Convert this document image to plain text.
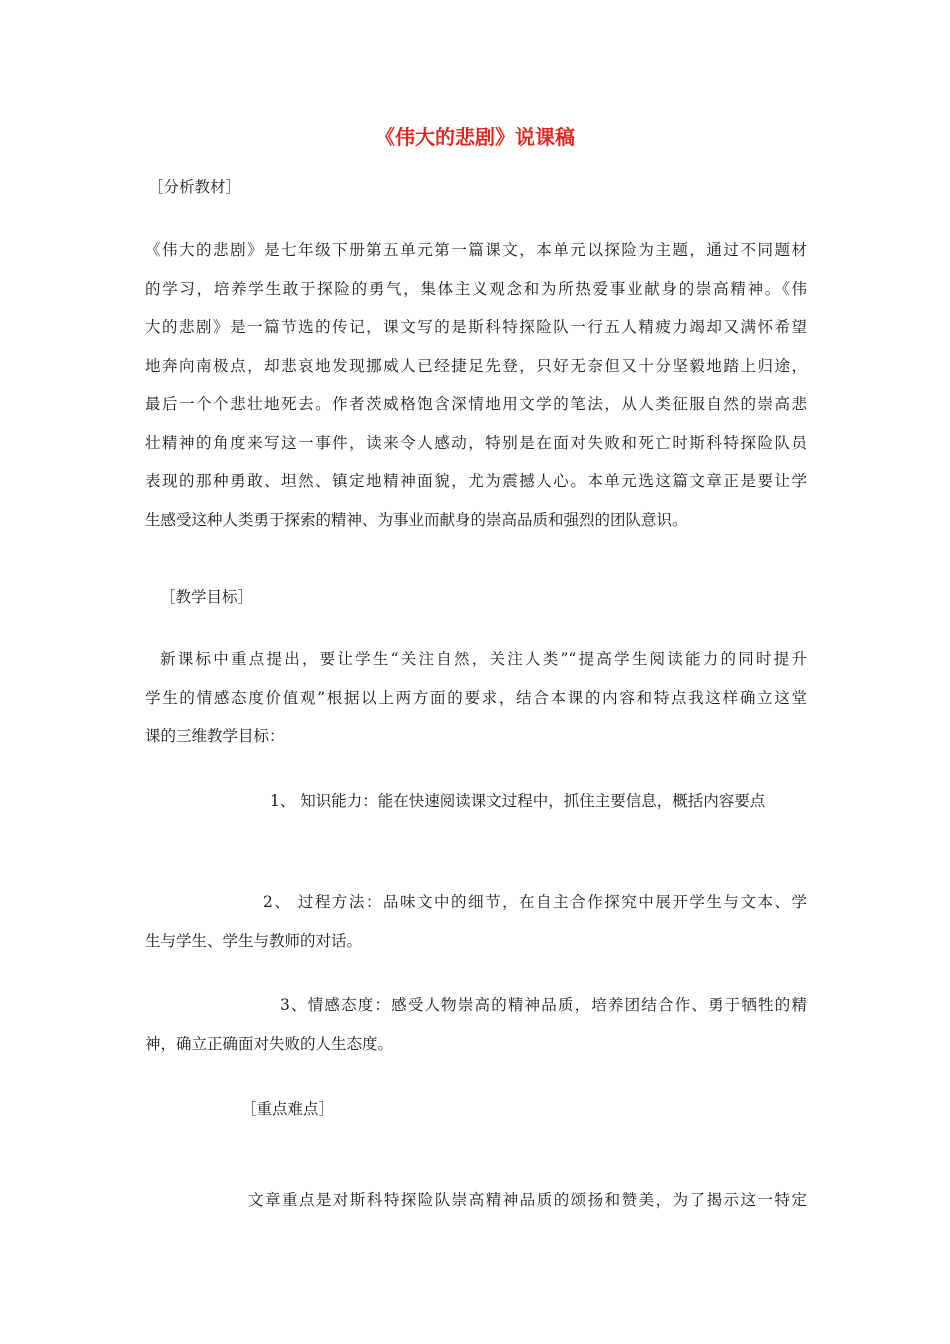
《伟大的悲剧》说课稿
［分析教材］
《伟大的悲剧》是七年级下册第五单元第一篇课文，本单元以探险为主题，通过不同题材
的学习，培养学生敢于探险的勇气，集体主义观念和为所热爱事业献身的崇高精神。《伟
大的悲剧》是一篇节选的传记，课文写的是斯科特探险队一行五人精疲力竭却又满怀希望
地奔向南极点，却悲哀地发现挪威人已经捷足先登，只好无奈但又十分坚毅地踏上归途，
最后一个个悲壮地死去。作者茨威格饱含深情地用文学的笔法，从人类征服自然的崇高悲
壮精神的角度来写这一事件，读来令人感动，特别是在面对失败和死亡时斯科特探险队员
表现的那种勇敢、坦然、镇定地精神面貌，尤为震撼人心。本单元选这篇文章正是要让学
生感受这种人类勇于探索的精神、为事业而献身的崇高品质和强烈的团队意识。
［教学目标］
新课标中重点提出，要让学生“关注自然，关注人类”“提高学生阅读能力的同时提升
学生的情感态度价值观”根据以上两方面的要求，结合本课的内容和特点我这样确立这堂
课的三维教学目标：
1、 知识能力：能在快速阅读课文过程中，抓住主要信息，概括内容要点
2、 过程方法：品味文中的细节，在自主合作探究中展开学生与文本、学
生与学生、学生与教师的对话。
3、情感态度：感受人物崇高的精神品质，培养团结合作、勇于牺牲的精
神，确立正确面对失败的人生态度。
［重点难点］
文章重点是对斯科特探险队崇高精神品质的颂扬和赞美，为了揭示这一特定
